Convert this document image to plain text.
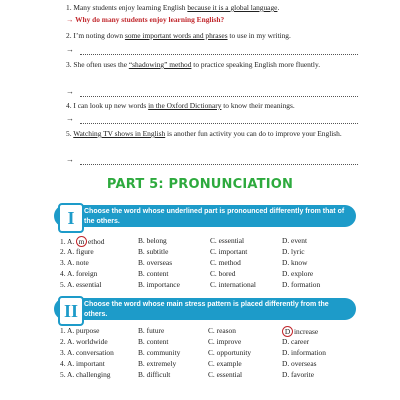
1. Many students enjoy learning English because it is a global language.
→ Why do many students enjoy learning English?
2. I’m noting down some important words and phrases to use in my writing.
→
3. She often uses the “shadowing” method to practice speaking English more fluently.
→
4. I can look up new words in the Oxford Dictionary to know their meanings.
→
5. Watching TV shows in English is another fun activity you can do to improve your English.
→
PART 5: PRONUNCIATION
I	Choose the word whose underlined part is pronounced differently from that of the others.
1. A. m ethod	B. belong	C. essential	D. event
2. A. figure	B. subtitle	C. important	D. lyric
3. A. note	B. overseas	C. method	D. know
4. A. foreign	B. content	C. bored	D. explore
5. A. essential	B. importance	C. international	D. formation
II Choose the word whose main stress pattern is placed differently from the others.
1. A. purpose	B. future	C. reason	D increase
2. A. worldwide	B. content	C. improve	D. career
3. A. conversation	B. community	C. opportunity	D. information
4. A. important	B. extremely	C. example	D. overseas
5. A. challenging	B. difficult	C. essential	D. favorite
